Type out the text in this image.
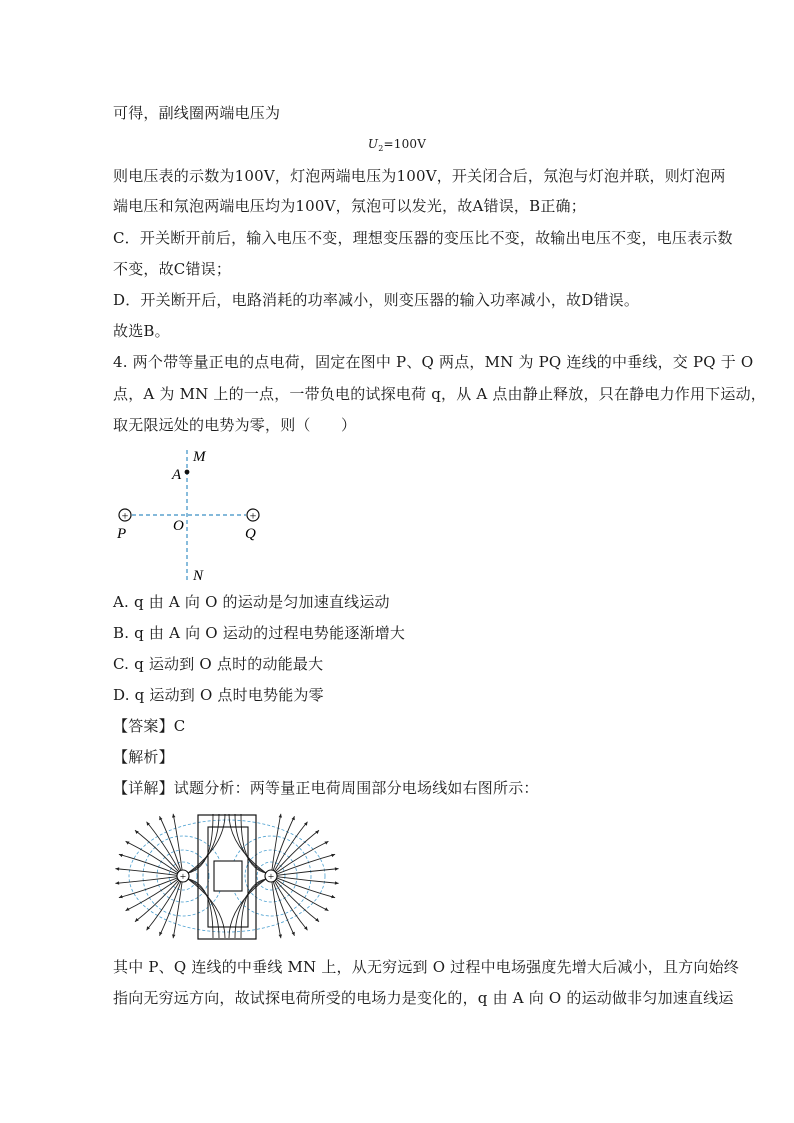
可得，副线圈两端电压为
$U_2=100V$
则电压表的示数为100V，灯泡两端电压为100V，开关闭合后，氖泡与灯泡并联，则灯泡两
端电压和氖泡两端电压均为100V，氖泡可以发光，故A错误，B正确；
C．开关断开前后，输入电压不变，理想变压器的变压比不变，故输出电压不变，电压表示数
不变，故C错误；
D．开关断开后，电路消耗的功率减小，则变压器的输入功率减小，故D错误。
故选B。
4. 两个带等量正电的点电荷，固定在图中 P、Q 两点，MN 为 PQ 连线的中垂线，交 PQ 于 O
点，A 为 MN 上的一点，一带负电的试探电荷 q，从 A 点由静止释放，只在静电力作用下运动，
取无限远处的电势为零，则（　　）
+	+
M
A
O
P	Q
N
A. q 由 A 向 O 的运动是匀加速直线运动
B. q 由 A 向 O 运动的过程电势能逐渐增大
C. q 运动到 O 点时的动能最大
D. q 运动到 O 点时电势能为零
【答案】C
【解析】
【详解】试题分析：两等量正电荷周围部分电场线如右图所示：
+	+
其中 P、Q 连线的中垂线 MN 上，从无穷远到 O 过程中电场强度先增大后减小，且方向始终
指向无穷远方向，故试探电荷所受的电场力是变化的，q 由 A 向 O 的运动做非匀加速直线运
